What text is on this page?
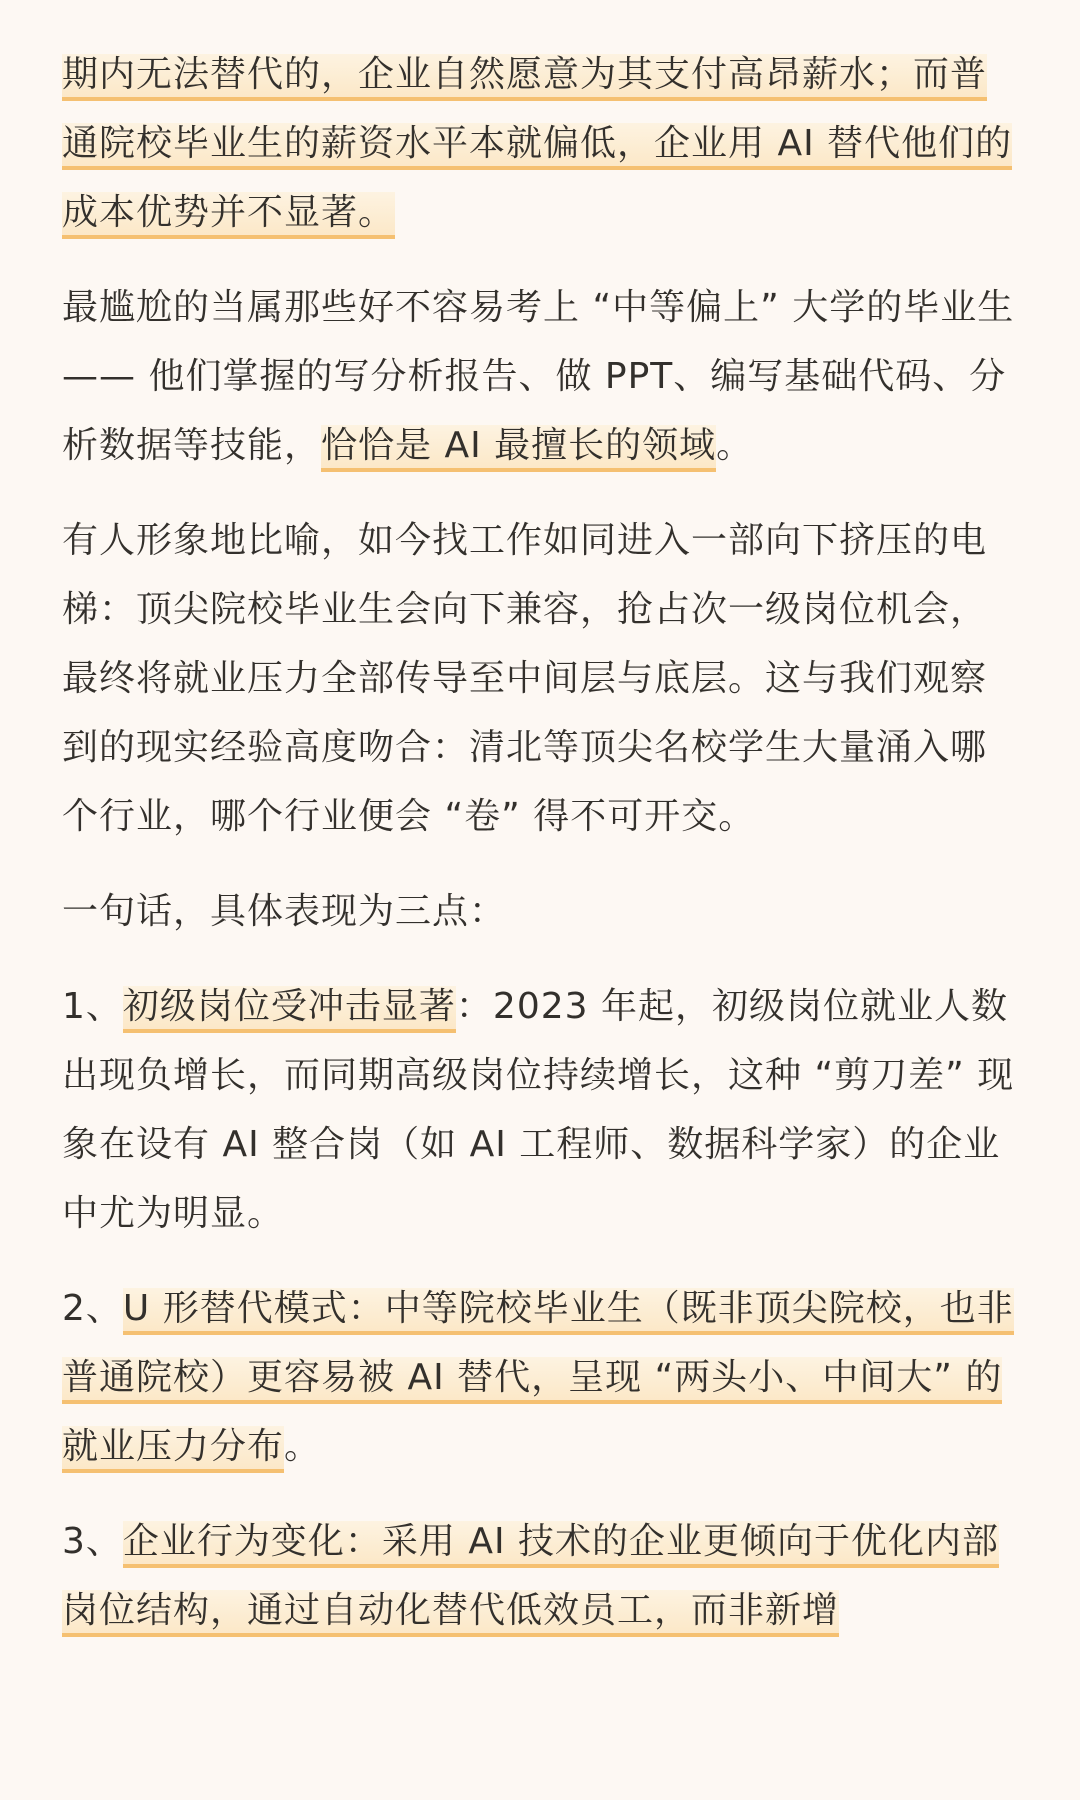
期内无法替代的，企业自然愿意为其支付高昂薪水；而普通院校毕业生的薪资水平本就偏低，企业用 AI 替代他们的成本优势并不显著。

最尴尬的当属那些好不容易考上 “中等偏上” 大学的毕业生 —— 他们掌握的写分析报告、做 PPT、编写基础代码、分析数据等技能，恰恰是 AI 最擅长的领域。

有人形象地比喻，如今找工作如同进入一部向下挤压的电梯：顶尖院校毕业生会向下兼容，抢占次一级岗位机会，最终将就业压力全部传导至中间层与底层。这与我们观察到的现实经验高度吻合：清北等顶尖名校学生大量涌入哪个行业，哪个行业便会 “卷” 得不可开交。

一句话，具体表现为三点：

1、初级岗位受冲击显著：2023 年起，初级岗位就业人数出现负增长，而同期高级岗位持续增长，这种 “剪刀差” 现象在设有 AI 整合岗（如 AI 工程师、数据科学家）的企业中尤为明显。

2、U 形替代模式：中等院校毕业生（既非顶尖院校，也非普通院校）更容易被 AI 替代，呈现 “两头小、中间大” 的就业压力分布。

3、企业行为变化：采用 AI 技术的企业更倾向于优化内部岗位结构，通过自动化替代低效员工，而非新增
